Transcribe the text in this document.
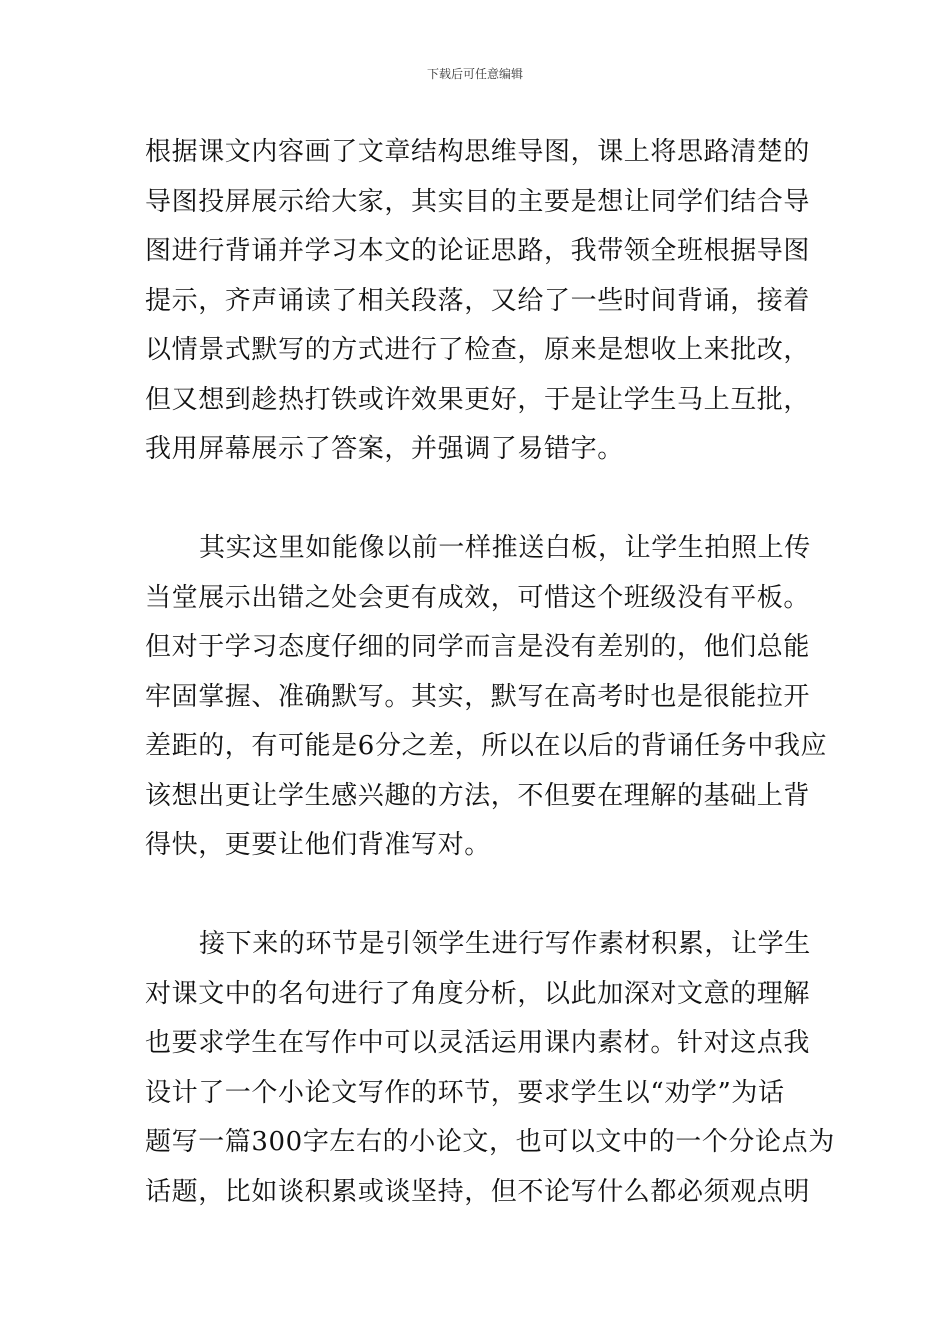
下载后可任意编辑
根据课文内容画了文章结构思维导图，课上将思路清楚的
导图投屏展示给大家，其实目的主要是想让同学们结合导
图进行背诵并学习本文的论证思路，我带领全班根据导图
提示，齐声诵读了相关段落，又给了一些时间背诵，接着
以情景式默写的方式进行了检查，原来是想收上来批改，
但又想到趁热打铁或许效果更好，于是让学生马上互批，
我用屏幕展示了答案，并强调了易错字。
其实这里如能像以前一样推送白板，让学生拍照上传
当堂展示出错之处会更有成效，可惜这个班级没有平板。
但对于学习态度仔细的同学而言是没有差别的，他们总能
牢固掌握、准确默写。其实，默写在高考时也是很能拉开
差距的，有可能是6分之差，所以在以后的背诵任务中我应
该想出更让学生感兴趣的方法，不但要在理解的基础上背
得快，更要让他们背准写对。
接下来的环节是引领学生进行写作素材积累，让学生
对课文中的名句进行了角度分析，以此加深对文意的理解
也要求学生在写作中可以灵活运用课内素材。针对这点我
设计了一个小论文写作的环节，要求学生以“劝学”为话
题写一篇300字左右的小论文，也可以文中的一个分论点为
话题，比如谈积累或谈坚持，但不论写什么都必须观点明
